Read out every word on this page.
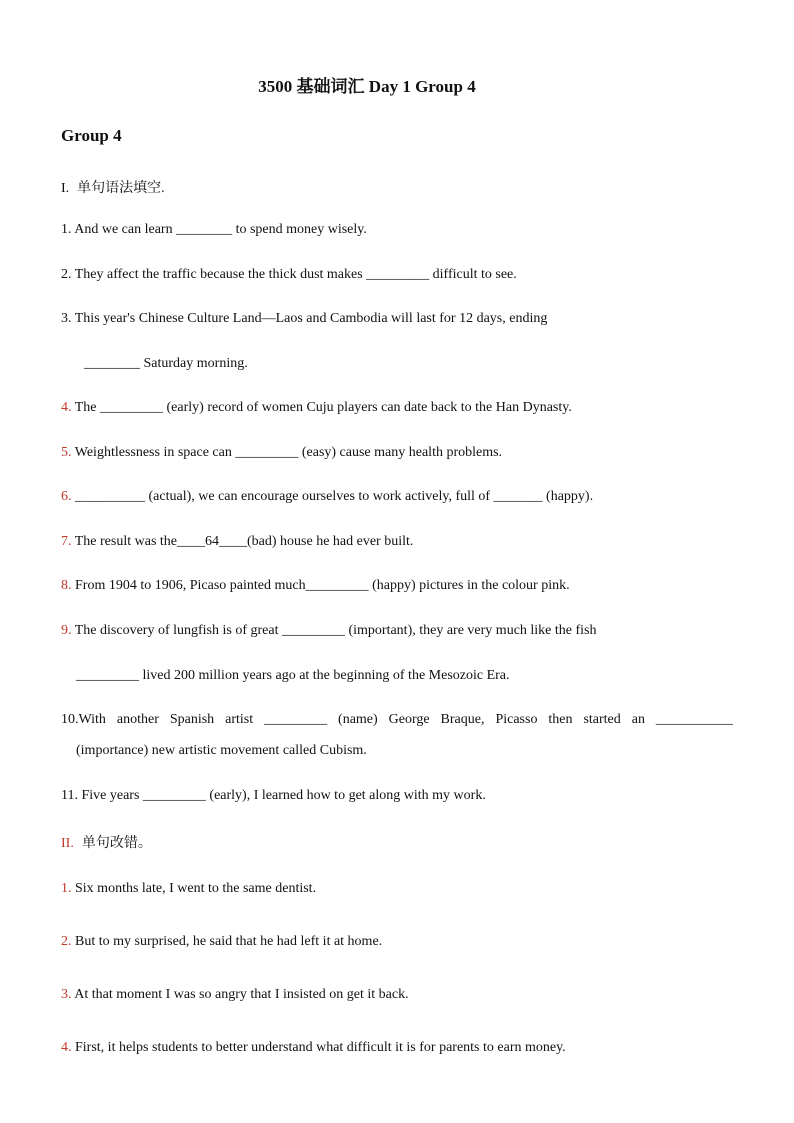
3500 基础词汇 Day 1 Group 4
Group 4
I. 单句语法填空.
1. And we can learn ________ to spend money wisely.
2. They affect the traffic because the thick dust makes _________ difficult to see.
3. This year's Chinese Culture Land—Laos and Cambodia will last for 12 days, ending
________ Saturday morning.
4. The _________ (early) record of women Cuju players can date back to the Han Dynasty.
5. Weightlessness in space can _________ (easy) cause many health problems.
6. __________ (actual), we can encourage ourselves to work actively, full of _______ (happy).
7. The result was the____64____(bad) house he had ever built.
8. From 1904 to 1906, Picaso painted much_________ (happy) pictures in the colour pink.
9. The discovery of lungfish is of great _________ (important), they are very much like the fish
_________ lived 200 million years ago at the beginning of the Mesozoic Era.
10.With another Spanish artist _________ (name) George Braque, Picasso then started an ___________
(importance) new artistic movement called Cubism.
11. Five years _________ (early), I learned how to get along with my work.
II. 单句改错。
1. Six months late, I went to the same dentist.
2. But to my surprised, he said that he had left it at home.
3. At that moment I was so angry that I insisted on get it back.
4. First, it helps students to better understand what difficult it is for parents to earn money.
